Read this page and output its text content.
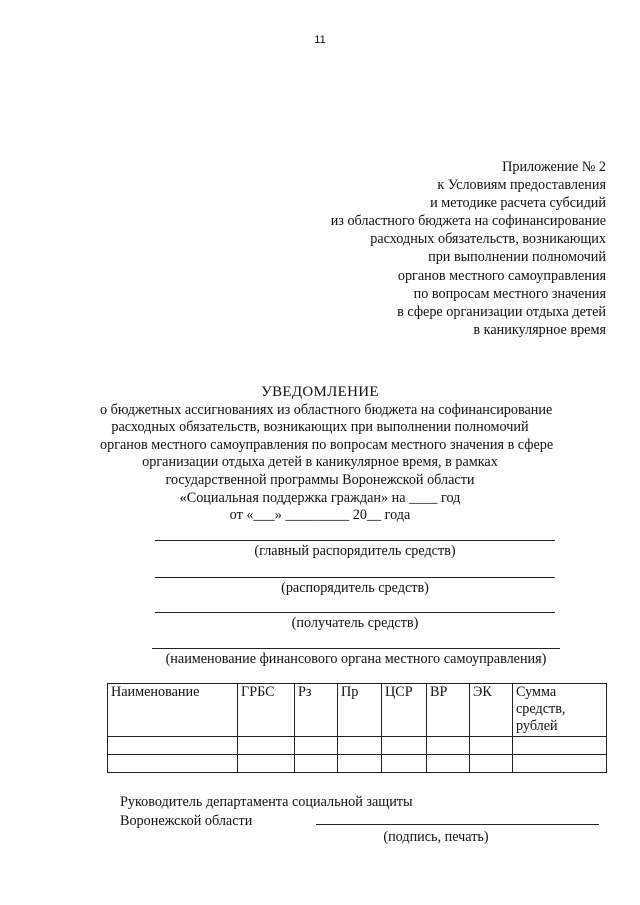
11
Приложение № 2
к Условиям предоставления
и методике расчета субсидий
из областного бюджета на софинансирование
расходных обязательств, возникающих
при выполнении полномочий
органов местного самоуправления
по вопросам местного значения
в сфере организации отдыха детей
в каникулярное время
УВЕДОМЛЕНИЕ
о бюджетных ассигнованиях из областного бюджета на софинансирование
расходных обязательств, возникающих при выполнении полномочий
органов местного самоуправления по вопросам местного значения в сфере
организации отдыха детей в каникулярное время, в рамках
государственной программы Воронежской области
«Социальная поддержка граждан» на ____ год
от «___» _________ 20__ года
(главный распорядитель средств)
(распорядитель средств)
(получатель средств)
(наименование финансового органа местного самоуправления)
Наименование	ГРБС	Рз	Пр	ЦСР	ВР	ЭК	Сумма средств, рублей

Руководитель департамента социальной защиты
Воронежской области
(подпись, печать)
